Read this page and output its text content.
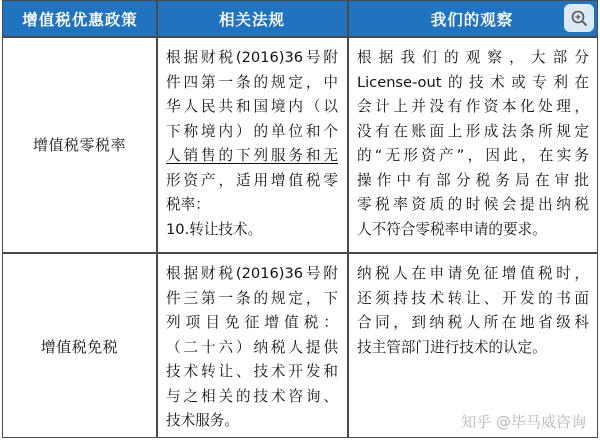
增值税优惠政策	相关法规	我们的观察
增值税零税率
根据财税(2016)36号附
件四第一条的规定，中
华人民共和国境内（以
下称境内）的单位和个
人销售的下列服务和无
形资产，适用增值税零
税率：
10.转让技术。
根据我们的观察，大部分
License-out的技术或专利在
会计上并没有作资本化处理，
没有在账面上形成法条所规定
的“无形资产”，因此，在实务
操作中有部分税务局在审批
零税率资质的时候会提出纳税
人不符合零税率申请的要求。
增值税免税
根据财税(2016)36号附
件三第一条的规定，下
列项目免征增值税：
（二十六）纳税人提供
技术转让、技术开发和
与之相关的技术咨询、
技术服务。
纳税人在申请免征增值税时，
还须持技术转让、开发的书面
合同，到纳税人所在地省级科
技主管部门进行技术的认定。
知乎 @毕马威咨询
